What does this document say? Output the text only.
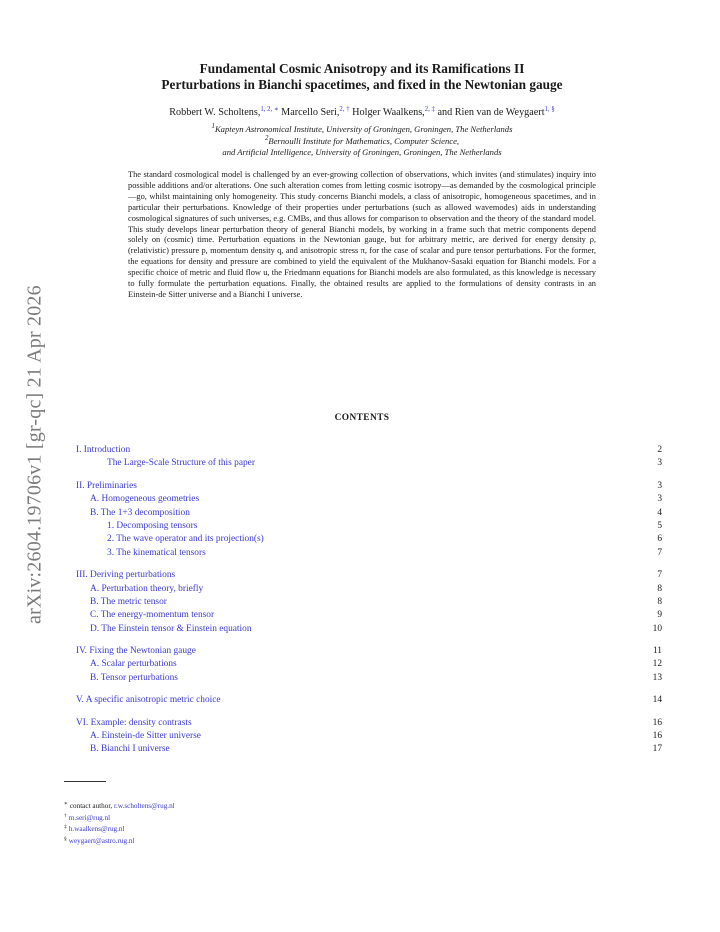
arXiv:2604.19706v1 [gr-qc] 21 Apr 2026
Fundamental Cosmic Anisotropy and its Ramifications II
Perturbations in Bianchi spacetimes, and fixed in the Newtonian gauge
Robbert W. Scholtens,$^{1, 2, ∗}$ Marcello Seri,$^{2, \dagger}$ Holger Waalkens,$^{2, \ddagger}$ and Rien van de Weygaert$^{1, \S}$
$^1$Kapteyn Astronomical Institute, University of Groningen, Groningen, The Netherlands
$^2$Bernoulli Institute for Mathematics, Computer Science,
and Artificial Intelligence, University of Groningen, Groningen, The Netherlands
The standard cosmological model is challenged by an ever-growing collection of observations, which invites (and stimulates) inquiry into possible additions and/or alterations. One such alteration comes from letting cosmic isotropy—as demanded by the cosmological principle—go, whilst maintaining only homogeneity. This study concerns Bianchi models, a class of anisotropic, homogeneous spacetimes, and in particular their perturbations. Knowledge of their properties under perturbations (such as allowed wavemodes) aids in understanding cosmological signatures of such universes, e.g. CMBs, and thus allows for comparison to observation and the theory of the standard model. This study develops linear perturbation theory of general Bianchi models, by working in a frame such that metric components depend solely on (cosmic) time. Perturbation equations in the Newtonian gauge, but for arbitrary metric, are derived for energy density ρ, (relativistic) pressure p, momentum density q, and anisotropic stress π, for the case of scalar and pure tensor perturbations. For the former, the equations for density and pressure are combined to yield the equivalent of the Mukhanov-Sasaki equation for Bianchi models. For a specific choice of metric and fluid flow u, the Friedmann equations for Bianchi models are also formulated, as this knowledge is necessary to fully formulate the perturbation equations. Finally, the obtained results are applied to the formulations of density contrasts in an Einstein-de Sitter universe and a Bianchi I universe.
CONTENTS
I. Introduction	2
The Large-Scale Structure of this paper	3
II. Preliminaries	3
A. Homogeneous geometries	3
B. The 1+3 decomposition	4
1. Decomposing tensors	5
2. The wave operator and its projection(s)	6
3. The kinematical tensors	7
III. Deriving perturbations	7
A. Perturbation theory, briefly	8
B. The metric tensor	8
C. The energy-momentum tensor	9
D. The Einstein tensor & Einstein equation	10
IV. Fixing the Newtonian gauge	11
A. Scalar perturbations	12
B. Tensor perturbations	13
V. A specific anisotropic metric choice	14
VI. Example: density contrasts	16
A. Einstein-de Sitter universe	16
B. Bianchi I universe	17
∗ contact author, r.w.scholtens@rug.nl
† m.seri@rug.nl
‡ h.waalkens@rug.nl
§ weygaert@astro.rug.nl
